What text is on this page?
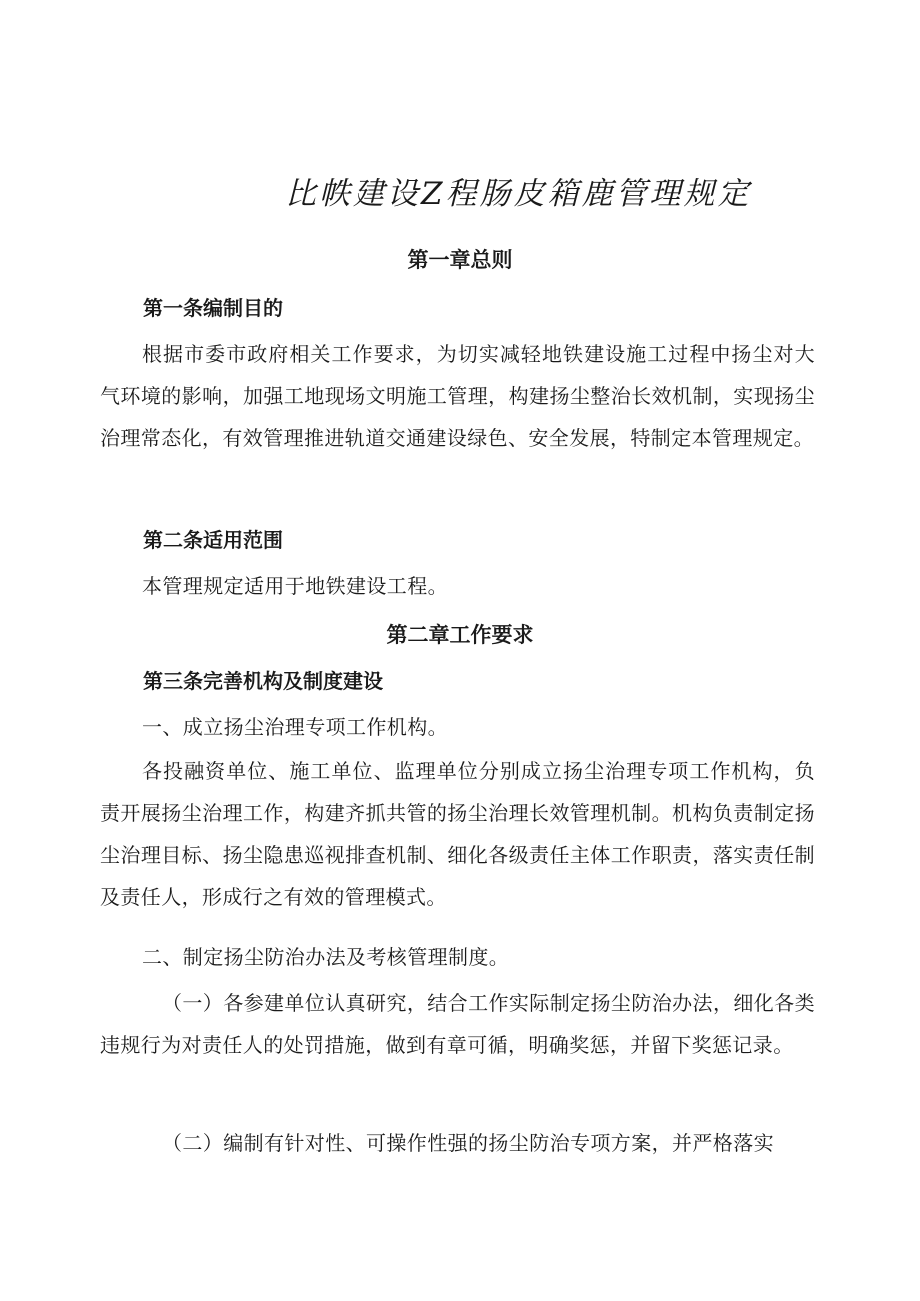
比帙建设Z程肠皮箱鹿管理规定
第一章总则
第一条编制目的

根据市委市政府相关工作要求，为切实减轻地铁建设施工过程中扬尘对大气环境的影响，加强工地现场文明施工管理，构建扬尘整治长效机制，实现扬尘治理常态化，有效管理推进轨道交通建设绿色、安全发展，特制定本管理规定。

第二条适用范围

本管理规定适用于地铁建设工程。

第二章工作要求
第三条完善机构及制度建设

一、成立扬尘治理专项工作机构。

各投融资单位、施工单位、监理单位分别成立扬尘治理专项工作机构，负责开展扬尘治理工作，构建齐抓共管的扬尘治理长效管理机制。机构负责制定扬尘治理目标、扬尘隐患巡视排查机制、细化各级责任主体工作职责，落实责任制及责任人，形成行之有效的管理模式。

二、制定扬尘防治办法及考核管理制度。

（一）各参建单位认真研究，结合工作实际制定扬尘防治办法，细化各类违规行为对责任人的处罚措施，做到有章可循，明确奖惩，并留下奖惩记录。

（二）编制有针对性、可操作性强的扬尘防治专项方案，并严格落实
